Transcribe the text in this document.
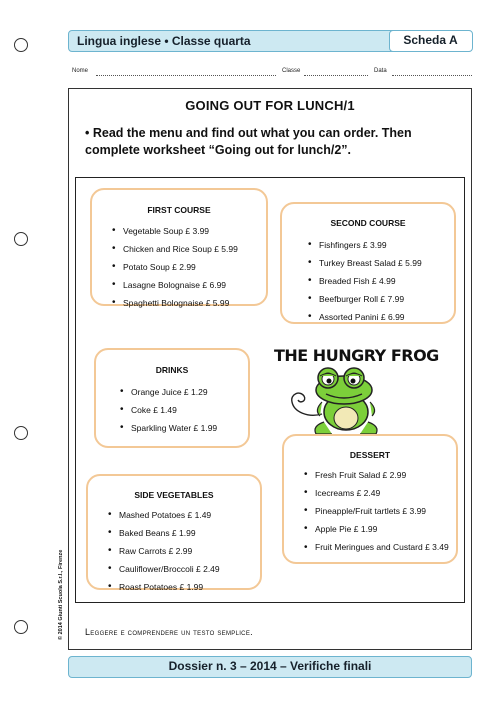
Lingua inglese • Classe quarta	Scheda A
Nome	Classe	Data
GOING OUT FOR LUNCH/1
• Read the menu and find out what you can order. Then complete worksheet “Going out for lunch/2”.
FIRST COURSE
• Vegetable Soup £ 3.99
• Chicken and Rice Soup £ 5.99
• Potato Soup £ 2.99
• Lasagne Bolognaise £ 6.99
• Spaghetti Bolognaise £ 5.99
SECOND COURSE
• Fishfingers £ 3.99
• Turkey Breast Salad £ 5.99
• Breaded Fish £ 4.99
• Beefburger Roll £ 7.99
• Assorted Panini £ 6.99
DRINKS
• Orange Juice £ 1.29
• Coke £ 1.49
• Sparkling Water £ 1.99
THE HUNGRY FROG
DESSERT
• Fresh Fruit Salad £ 2.99
• Icecreams £ 2.49
• Pineapple/Fruit tartlets £ 3.99
• Apple Pie £ 1.99
• Fruit Meringues and Custard £ 3.49
SIDE VEGETABLES
• Mashed Potatoes £ 1.49
• Baked Beans £ 1.99
• Raw Carrots £ 2.99
• Cauliflower/Broccoli £ 2.49
• Roast Potatoes £ 1.99
Leggere e comprendere un testo semplice.
© 2014 Giunti Scuola S.r.l., Firenze
Dossier n. 3 – 2014 – Verifiche finali
